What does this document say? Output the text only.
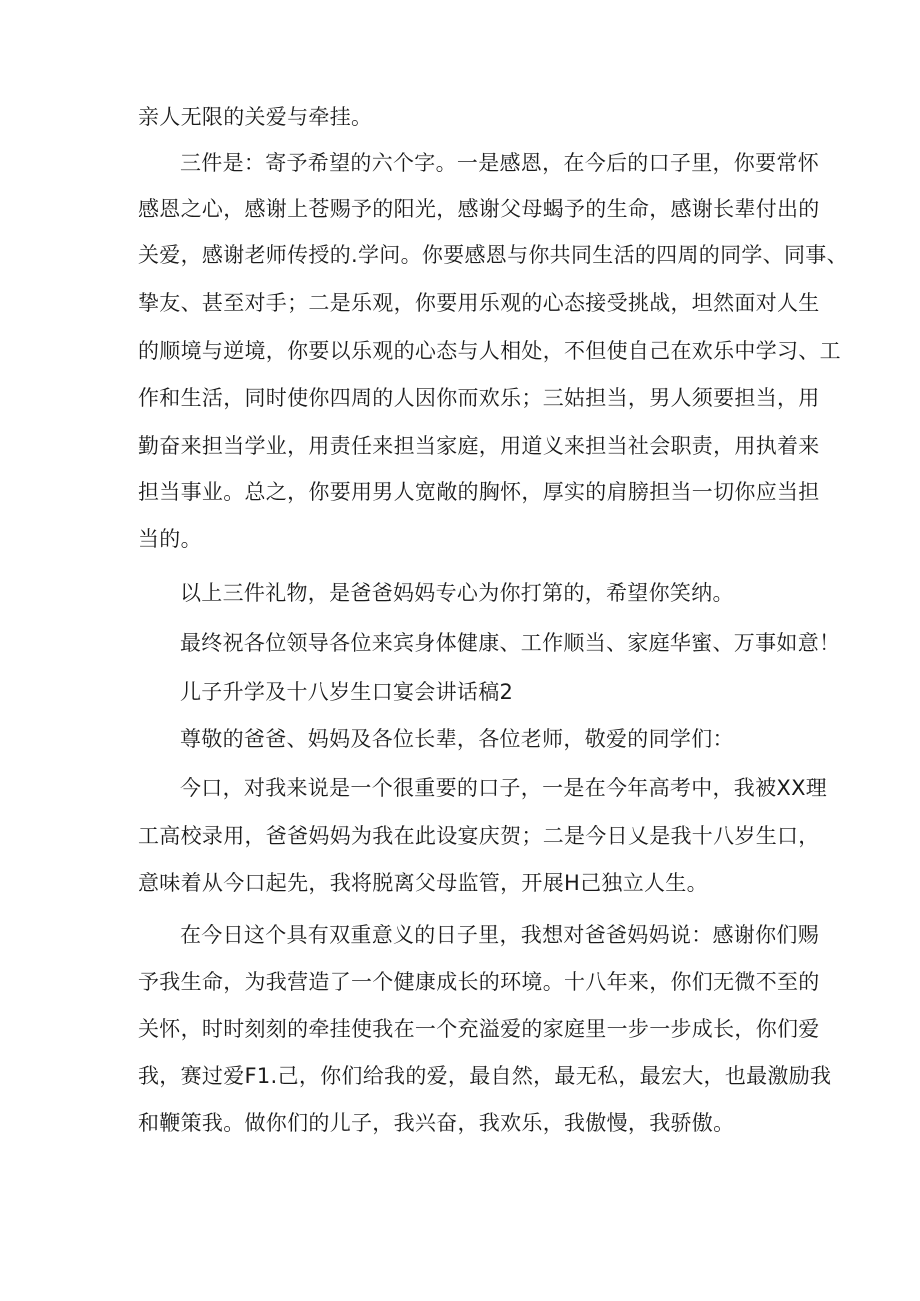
亲人无限的关爱与牵挂。
三件是：寄予希望的六个字。一是感恩，在今后的口子里，你要常怀
感恩之心，感谢上苍赐予的阳光，感谢父母蝎予的生命，感谢长辈付出的
关爱，感谢老师传授的.学问。你要感恩与你共同生活的四周的同学、同事、
挚友、甚至对手；二是乐观，你要用乐观的心态接受挑战，坦然面对人生
的顺境与逆境，你要以乐观的心态与人相处，不但使自己在欢乐中学习、工
作和生活，同时使你四周的人因你而欢乐；三姑担当，男人须要担当，用
勤奋来担当学业，用责任来担当家庭，用道义来担当社会职责，用执着来
担当事业。总之，你要用男人宽敞的胸怀，厚实的肩膀担当一切你应当担
当的。
以上三件礼物，是爸爸妈妈专心为你打第的，希望你笑纳。
最终祝各位领导各位来宾身体健康、工作顺当、家庭华蜜、万事如意！
儿子升学及十八岁生口宴会讲话稿2
尊敬的爸爸、妈妈及各位长辈，各位老师，敬爱的同学们：
今口，对我来说是一个很重要的口子，一是在今年高考中，我被XX理
工高校录用，爸爸妈妈为我在此设宴庆贺；二是今日乂是我十八岁生口，
意味着从今口起先，我将脱离父母监管，开展H己独立人生。
在今日这个具有双重意义的日子里，我想对爸爸妈妈说：感谢你们赐
予我生命，为我营造了一个健康成长的环境。十八年来，你们无微不至的
关怀，时时刻刻的牵挂使我在一个充溢爱的家庭里一步一步成长，你们爱
我，赛过爱F1.己，你们给我的爱，最自然，最无私，最宏大，也最激励我
和鞭策我。做你们的儿子，我兴奋，我欢乐，我傲慢，我骄傲。
